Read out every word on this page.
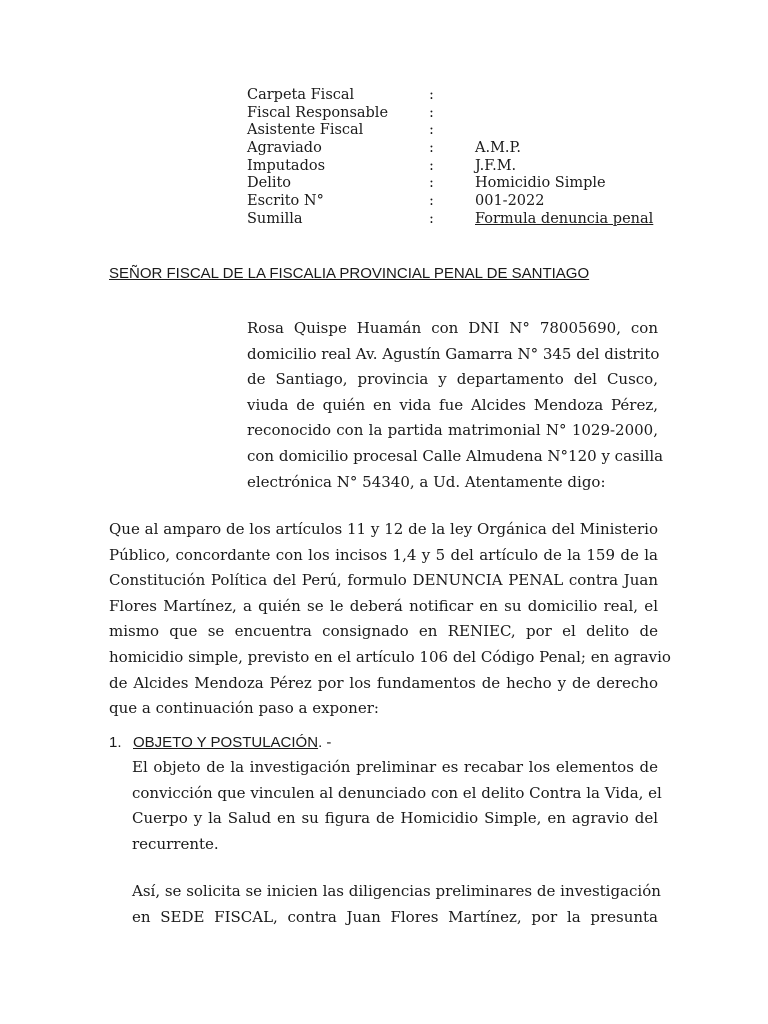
Carpeta Fiscal	:
Fiscal Responsable	:
Asistente Fiscal	:
Agraviado	:	A.M.P.
Imputados	:	J.F.M.
Delito	:	Homicidio Simple
Escrito N°	:	001-2022
Sumilla	:	Formula denuncia penal
SEÑOR FISCAL DE LA FISCALIA PROVINCIAL PENAL DE SANTIAGO
Rosa Quispe Huamán con DNI N° 78005690, con
domicilio real Av. Agustín Gamarra N° 345 del distrito
de Santiago, provincia y departamento del Cusco,
viuda de quién en vida fue Alcides Mendoza Pérez,
reconocido con la partida matrimonial N° 1029-2000,
con domicilio procesal Calle Almudena N°120 y casilla
electrónica N° 54340, a Ud. Atentamente digo:
Que al amparo de los artículos 11 y 12 de la ley Orgánica del Ministerio
Público, concordante con los incisos 1,4 y 5 del artículo de la 159 de la
Constitución Política del Perú, formulo DENUNCIA PENAL contra Juan
Flores Martínez, a quién se le deberá notificar en su domicilio real, el
mismo que se encuentra consignado en RENIEC, por el delito de
homicidio simple, previsto en el artículo 106 del Código Penal; en agravio
de Alcides Mendoza Pérez por los fundamentos de hecho y de derecho
que a continuación paso a exponer:
1. OBJETO Y POSTULACIÓN. -
El objeto de la investigación preliminar es recabar los elementos de
convicción que vinculen al denunciado con el delito Contra la Vida, el
Cuerpo y la Salud en su figura de Homicidio Simple, en agravio del
recurrente.
Así, se solicita se inicien las diligencias preliminares de investigación
en SEDE FISCAL, contra Juan Flores Martínez, por la presunta
